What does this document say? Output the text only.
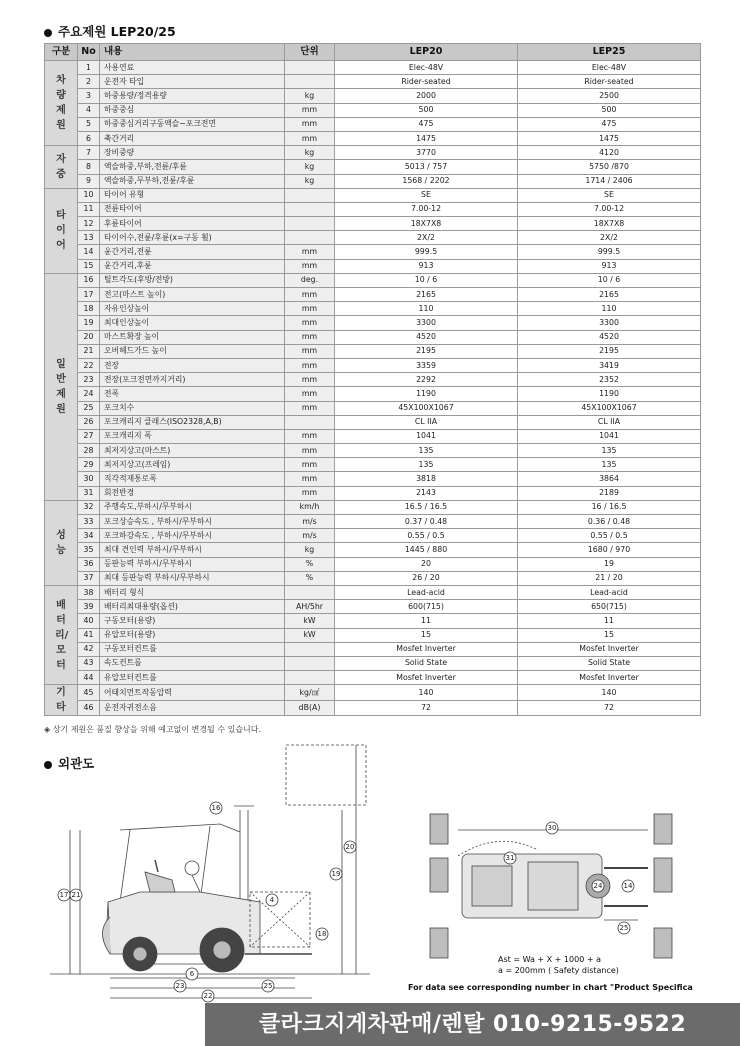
주요제원 LEP20/25
구분	No	내용	단위	LEP20	LEP25
차량제원	1	사용연료		Elec-48V	Elec-48V
	2	운전자 타입		Rider-seated	Rider-seated
	3	하중용량/정격용량	kg	2000	2500
	4	하중중심	mm	500	500
	5	하중중심거리구동액슬~포크전면	mm	475	475
	6	축간거리	mm	1475	1475
자중	7	장비중량	kg	3770	4120
	8	액슬하중,부하,전륜/후륜	kg	5013 / 757	5750 /870
	9	액슬하중,무부하,전륜/후륜	kg	1568 / 2202	1714 / 2406
타이어	10	타이어 유형		SE	SE
	11	전륜타이어		7.00-12	7.00-12
	12	후륜타이어		18X7X8	18X7X8
	13	타이어수,전륜/후륜(x=구동 휠)		2X/2	2X/2
	14	윤간거리,전륜	mm	999.5	999.5
	15	윤간거리,후륜	mm	913	913
일반제원	16	틸트각도(후방/전방)	deg.	10 / 6	10 / 6
	17	전고(마스트 높이)	mm	2165	2165
	18	자유인상높이	mm	110	110
	19	최대인상높이	mm	3300	3300
	20	마스트확장 높이	mm	4520	4520
	21	오버헤드가드 높이	mm	2195	2195
	22	전장	mm	3359	3419
	23	전장(포크전면까지거리)	mm	2292	2352
	24	전폭	mm	1190	1190
	25	포크치수	mm	45X100X1067	45X100X1067
	26	포크캐리지 클래스(ISO2328,A,B)		CL IIA	CL IIA
	27	포크캐리지 폭	mm	1041	1041
	28	최저지상고(마스트)	mm	135	135
	29	최저지상고(프레임)	mm	135	135
	30	직각적재통로폭	mm	3818	3864
	31	회전반경	mm	2143	2189
성능	32	주행속도,부하시/무부하시	km/h	16.5 / 16.5	16 / 16.5
	33	포크상승속도 , 부하시/무부하시	m/s	0.37 / 0.48	0.36 / 0.48
	34	포크하강속도 , 부하시/무부하시	m/s	0.55 / 0.5	0.55 / 0.5
	35	최대 견인력 부하시/무부하시	kg	1445 / 880	1680 / 970
	36	등판능력 부하시/무부하시	%	20	19
	37	최대 등판능력 부하시/무부하시	%	26 / 20	21 / 20
배터리/모터	38	배터리 형식		Lead-acid	Lead-acid
	39	배터리최대용량(옵션)	AH/5hr	600(715)	650(715)
	40	구동모터(용량)	kW	11	11
	41	유압모터(용량)	kW	15	15
	42	구동모터컨트롤		Mosfet Inverter	Mosfet Inverter
	43	속도컨트롤		Solid State	Solid State
	44	유압모터컨트롤		Mosfet Inverter	Mosfet Inverter
기타	45	어태치먼트작동압력	kg/㎠	140	140
	46	운전자귀전소음	dB(A)	72	72
◈ 상기 제원은 품질 향상을 위해 예고없이 변경될 수 있습니다.
외관도
16
20
17 21
19
4
18
6
23	25
22
30
31
24	14
25
Ast = Wa + X + 1000 + a
a = 200mm ( Safety distance)
For data see corresponding number in chart "Product Specifica
클라크지게차판매/렌탈 010-9215-9522
